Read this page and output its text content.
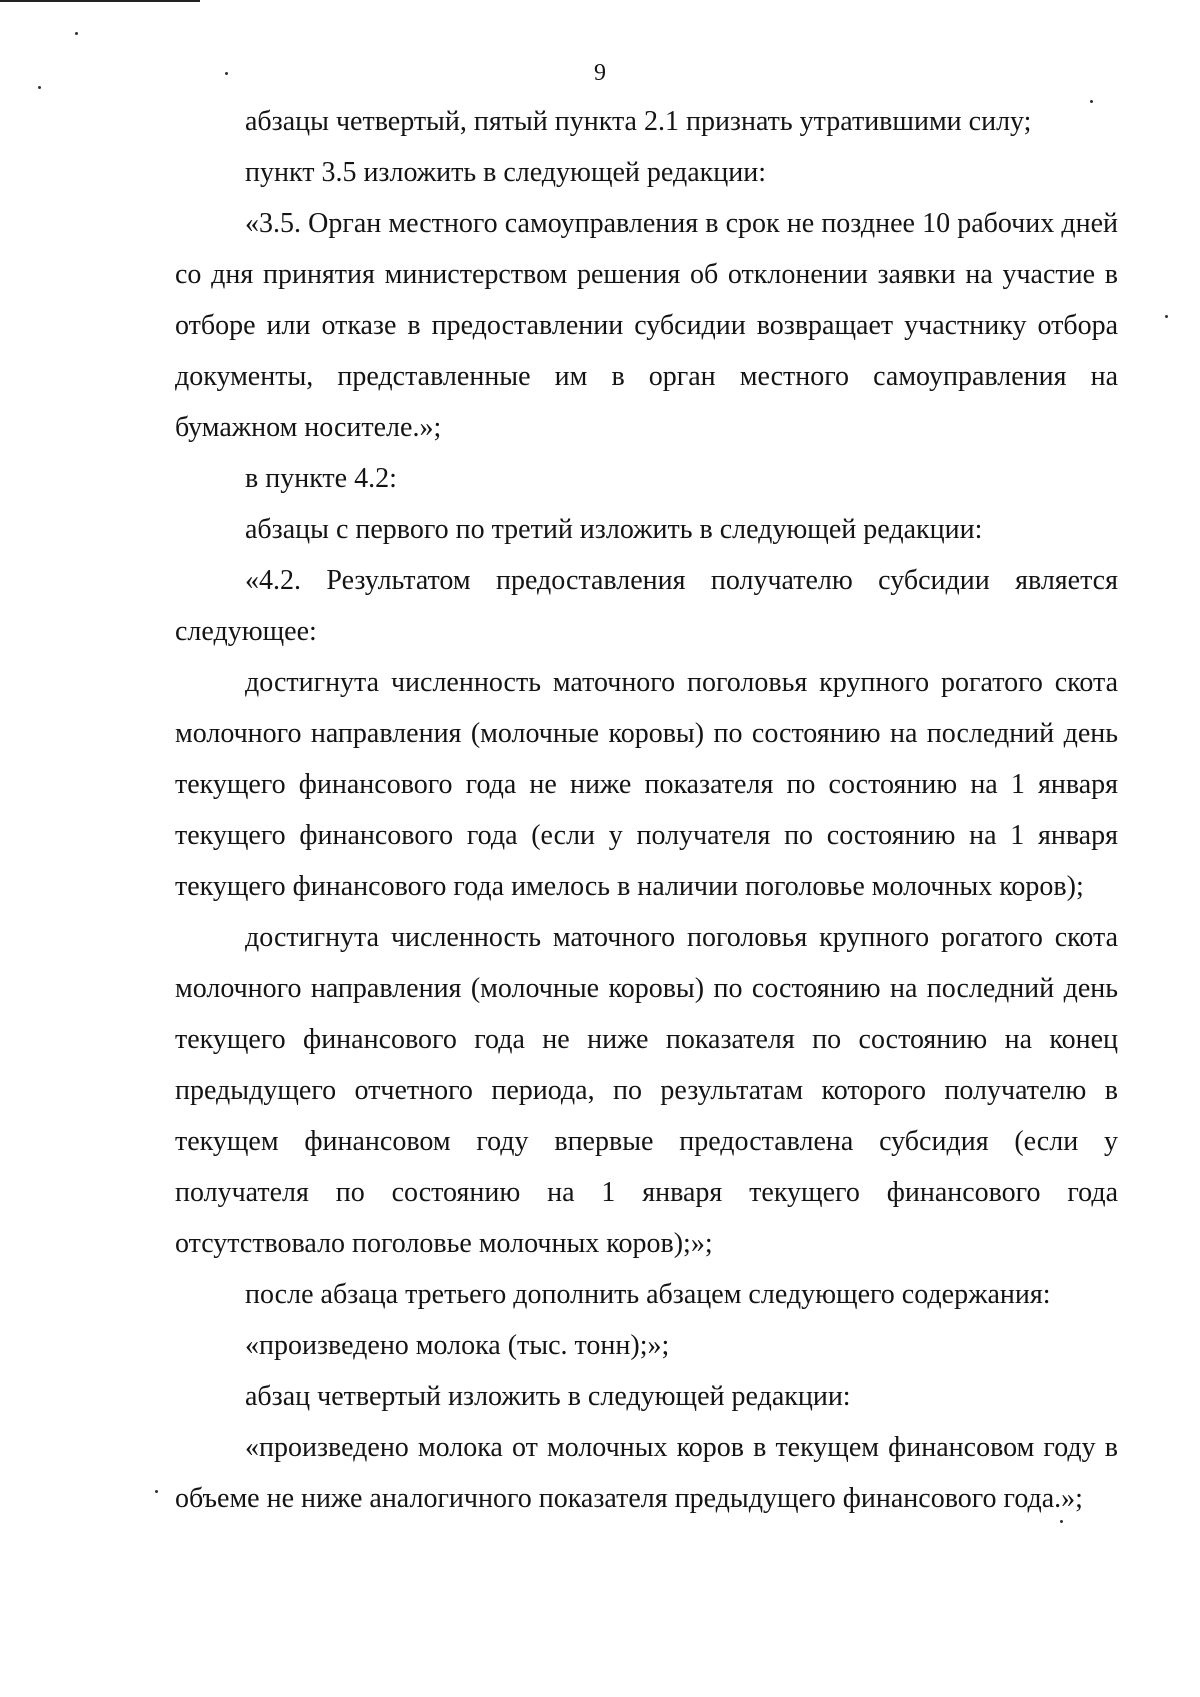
9

абзацы четвертый, пятый пункта 2.1 признать утратившими силу;

пункт 3.5 изложить в следующей редакции:

«3.5. Орган местного самоуправления в срок не позднее 10 рабочих дней со дня принятия министерством решения об отклонении заявки на участие в отборе или отказе в предоставлении субсидии возвращает участнику отбора документы, представленные им в орган местного самоуправления на бумажном носителе.»;

в пункте 4.2:

абзацы с первого по третий изложить в следующей редакции:

«4.2. Результатом предоставления получателю субсидии является следующее:

достигнута численность маточного поголовья крупного рогатого скота молочного направления (молочные коровы) по состоянию на последний день текущего финансового года не ниже показателя по состоянию на 1 января текущего финансового года (если у получателя по состоянию на 1 января текущего финансового года имелось в наличии поголовье молочных коров);

достигнута численность маточного поголовья крупного рогатого скота молочного направления (молочные коровы) по состоянию на последний день текущего финансового года не ниже показателя по состоянию на конец предыдущего отчетного периода, по результатам которого получателю в текущем финансовом году впервые предоставлена субсидия (если у получателя по состоянию на 1 января текущего финансового года отсутствовало поголовье молочных коров);»;

после абзаца третьего дополнить абзацем следующего содержания:

«произведено молока (тыс. тонн);»;

абзац четвертый изложить в следующей редакции:

«произведено молока от молочных коров в текущем финансовом году в объеме не ниже аналогичного показателя предыдущего финансового года.»;
